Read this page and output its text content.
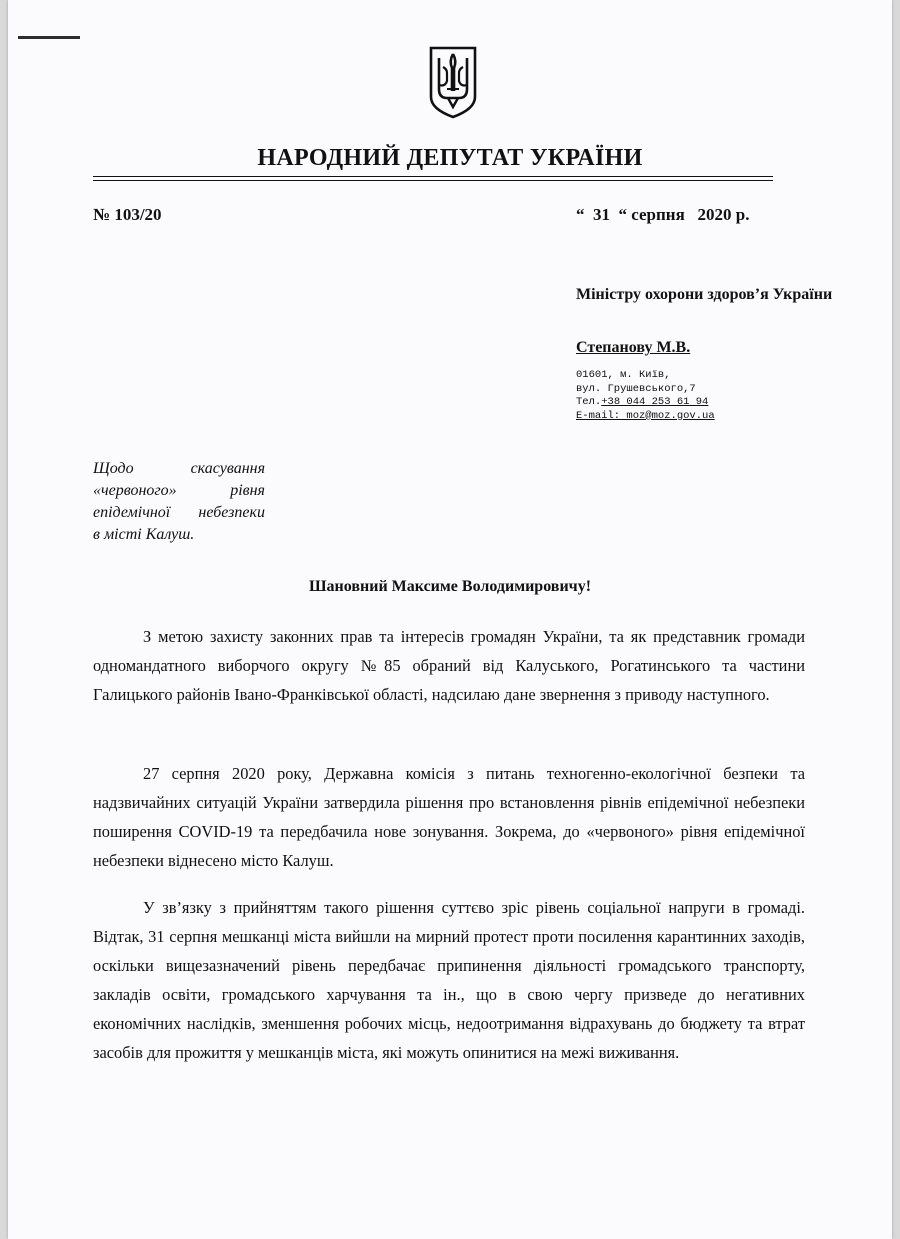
НАРОДНИЙ ДЕПУТАТ УКРАЇНИ
№ 103/20	“  31  “ серпня   2020 р.
Міністру охорони здоров’я України
Степанову М.В.
01601, м. Київ,
вул. Грушевського,7
Тел.+38 044 253 61 94
E-mail: moz@moz.gov.ua
Щодо скасування
«червоного» рівня
епідемічної небезпеки
в місті Калуш.
Шановний Максиме Володимировичу!

З метою захисту законних прав та інтересів громадян України, та як представник громади одномандатного виборчого округу №85 обраний від Калуського, Рогатинського та частини Галицького районів Івано-Франківської області, надсилаю дане звернення з приводу наступного.

27 серпня 2020 року, Державна комісія з питань техногенно-екологічної безпеки та надзвичайних ситуацій України затвердила рішення про встановлення рівнів епідемічної небезпеки поширення COVID-19 та передбачила нове зонування. Зокрема, до «червоного» рівня епідемічної небезпеки віднесено місто Калуш.

У зв’язку з прийняттям такого рішення суттєво зріс рівень соціальної напруги в громаді. Відтак, 31 серпня мешканці міста вийшли на мирний протест проти посилення карантинних заходів, оскільки вищезазначений рівень передбачає припинення діяльності громадського транспорту, закладів освіти, громадського харчування та ін., що в свою чергу призведе до негативних економічних наслідків, зменшення робочих місць, недоотримання відрахувань до бюджету та втрат засобів для прожиття у мешканців міста, які можуть опинитися на межі виживання.
